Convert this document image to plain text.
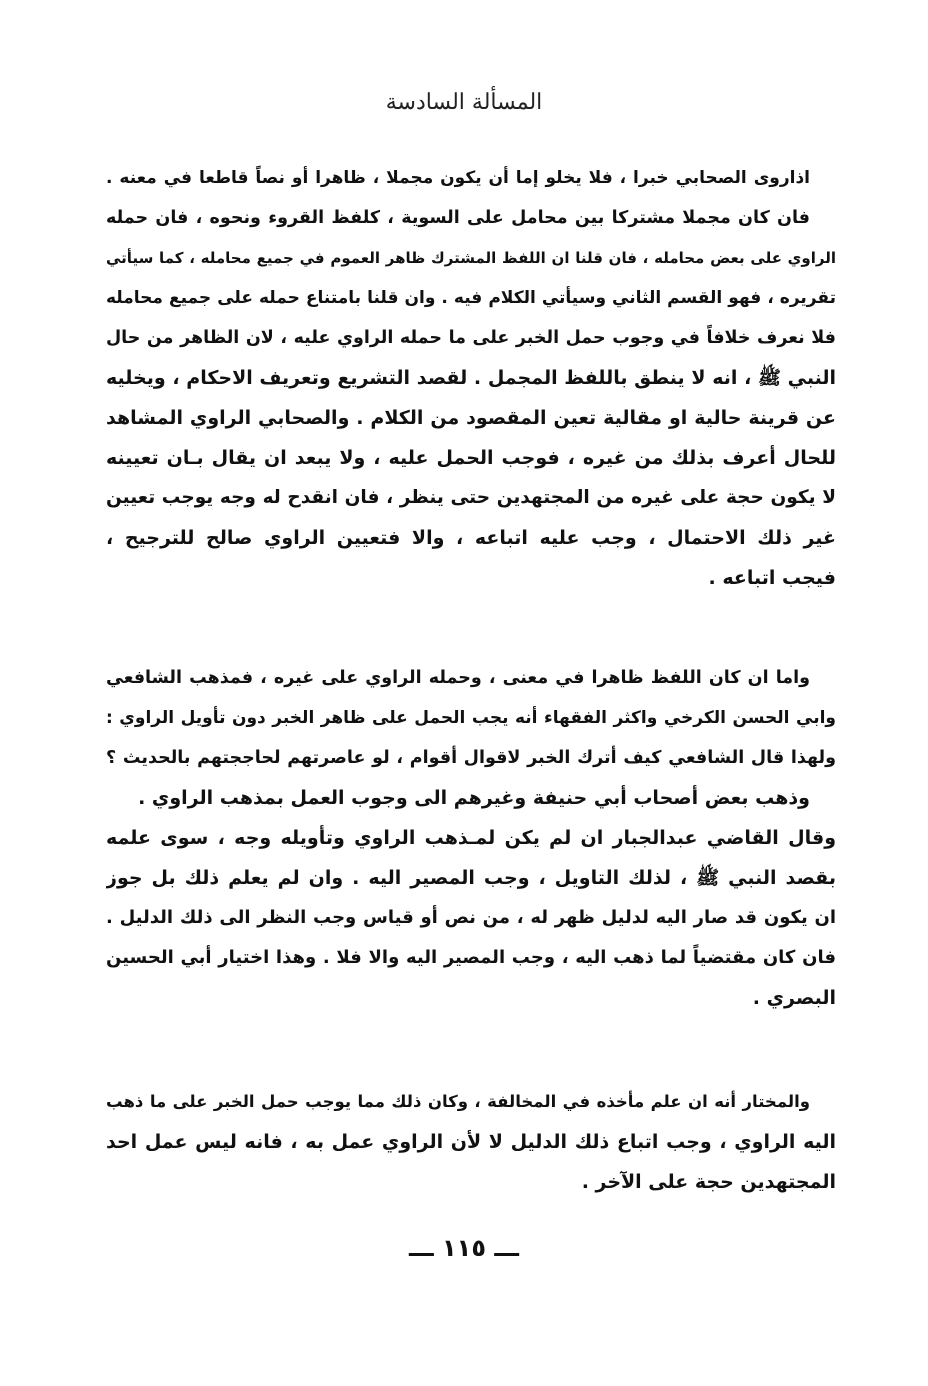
المسألة السادسة
اذاروى الصحابي خبرا ، فلا يخلو إما أن يكون مجملا ، ظاهرا أو نصاً قاطعا في معنه .
فان كان مجملا مشتركا بين محامل على السوية ، كلفظ القروء ونحوه ، فان حمله
الراوي على بعض محامله ، فان قلنا ان اللفظ المشترك ظاهر العموم في جميع محامله ، كما سيأتي
تقريره ، فهو القسم الثاني وسيأتي الكلام فيه . وان قلنا بامتناع حمله على جميع محامله
فلا نعرف خلافاً في وجوب حمل الخبر على ما حمله الراوي عليه ، لان الظاهر من حال
النبي ﷺ ، انه لا ينطق باللفظ المجمل . لقصد التشريع وتعريف الاحكام ، ويخليه
عن قرينة حالية او مقالية تعين المقصود من الكلام . والصحابي الراوي المشاهد
للحال أعرف بذلك من غيره ، فوجب الحمل عليه ، ولا يبعد ان يقال بـان تعيينه
لا يكون حجة على غيره من المجتهدين حتى ينظر ، فان انقدح له وجه يوجب تعيين
غير ذلك الاحتمال ، وجب عليه اتباعه ، والا فتعيين الراوي صالح للترجيح ،
فيجب اتباعه .
واما ان كان اللفظ ظاهرا في معنى ، وحمله الراوي على غيره ، فمذهب الشافعي
وابي الحسن الكرخي واكثر الفقهاء أنه يجب الحمل على ظاهر الخبر دون تأويل الراوي :
ولهذا قال الشافعي كيف أترك الخبر لاقوال أقوام ، لو عاصرتهم لحاججتهم بالحديث ؟
وذهب بعض أصحاب أبي حنيفة وغيرهم الى وجوب العمل بمذهب الراوي .
وقال القاضي عبدالجبار ان لم يكن لمـذهب الراوي وتأويله وجه ، سوى علمه
بقصد النبي ﷺ ، لذلك التاويل ، وجب المصير اليه . وان لم يعلم ذلك بل جوز
ان يكون قد صار اليه لدليل ظهر له ، من نص أو قياس وجب النظر الى ذلك الدليل .
فان كان مقتضياً لما ذهب اليه ، وجب المصير اليه والا فلا . وهذا اختيار أبي الحسين
البصري .
والمختار أنه ان علم مأخذه في المخالفة ، وكان ذلك مما يوجب حمل الخبر على ما ذهب
اليه الراوي ، وجب اتباع ذلك الدليل لا لأن الراوي عمل به ، فانه ليس عمل احد
المجتهدين حجة على الآخر .
ـــ ١١٥ ـــ
